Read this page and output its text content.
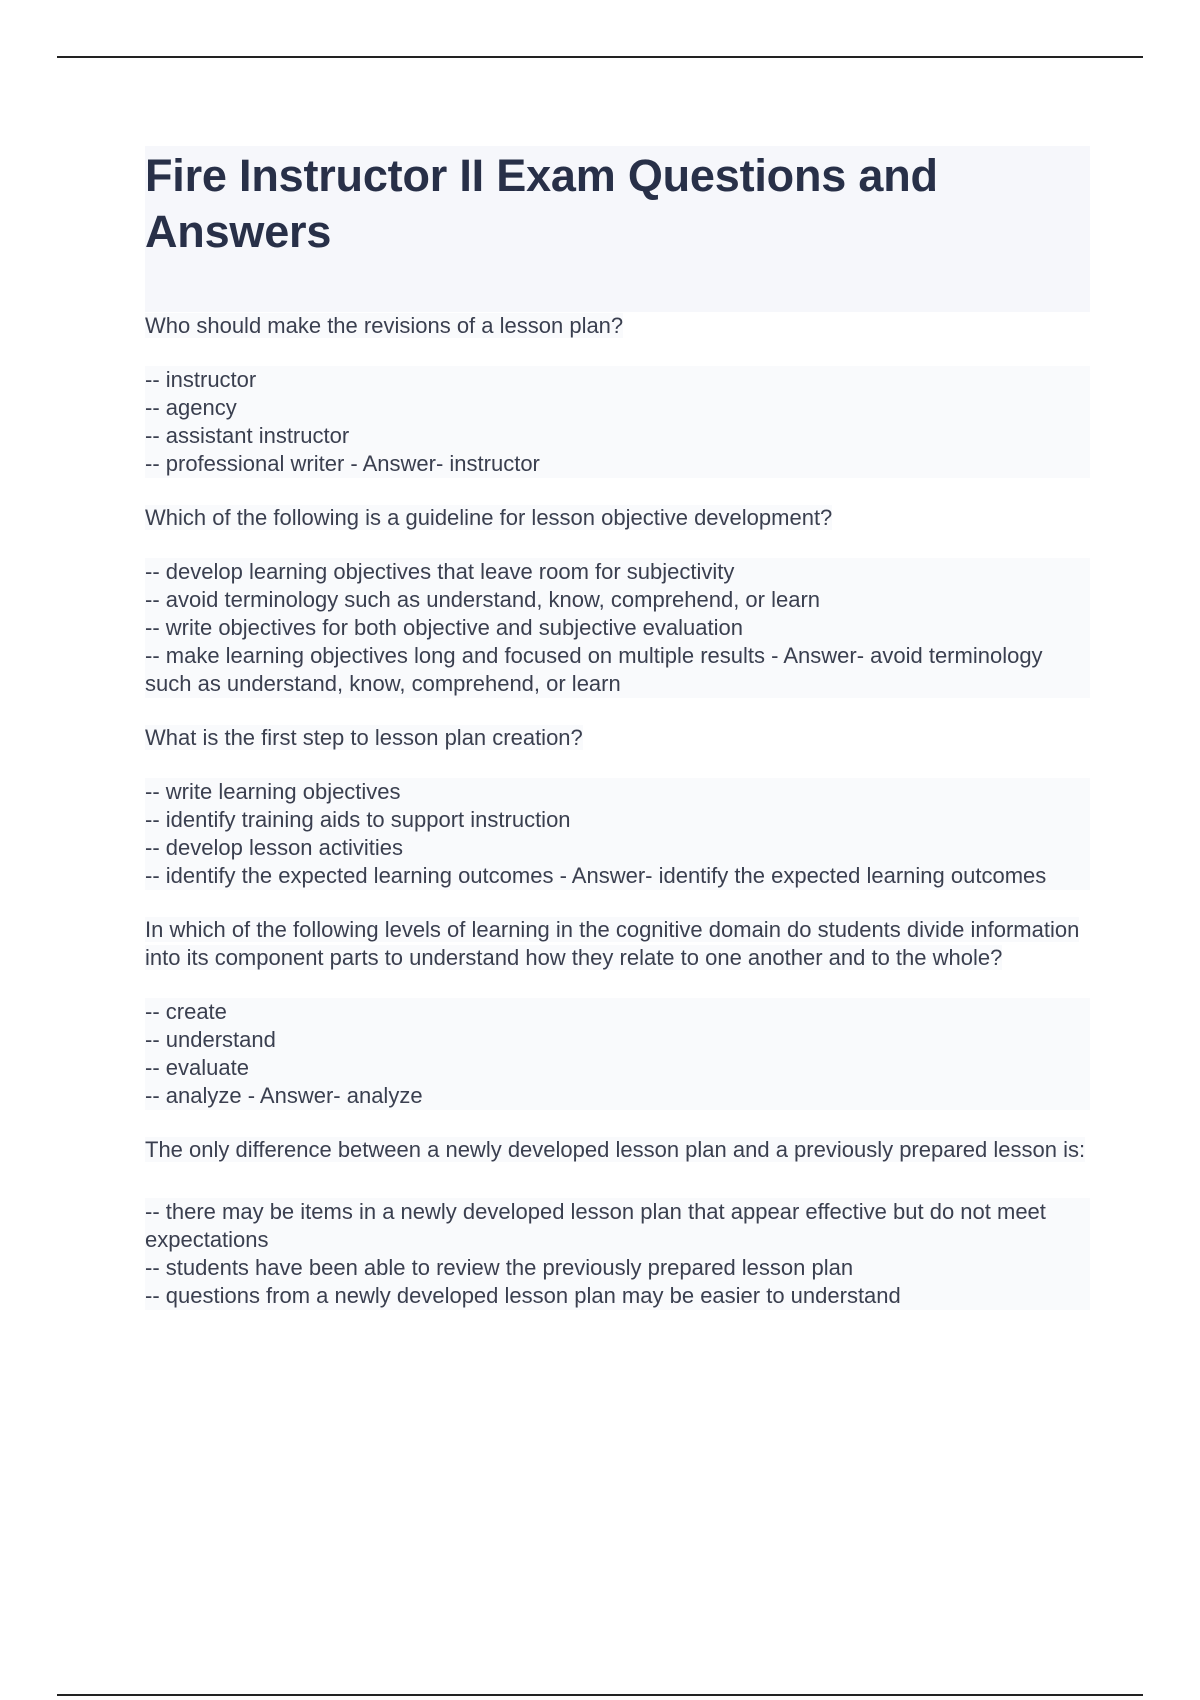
Fire Instructor II Exam Questions and Answers

Who should make the revisions of a lesson plan?

-- instructor
-- agency
-- assistant instructor
-- professional writer - Answer- instructor

Which of the following is a guideline for lesson objective development?

-- develop learning objectives that leave room for subjectivity
-- avoid terminology such as understand, know, comprehend, or learn
-- write objectives for both objective and subjective evaluation
-- make learning objectives long and focused on multiple results - Answer- avoid terminology such as understand, know, comprehend, or learn

What is the first step to lesson plan creation?

-- write learning objectives
-- identify training aids to support instruction
-- develop lesson activities
-- identify the expected learning outcomes - Answer- identify the expected learning outcomes

In which of the following levels of learning in the cognitive domain do students divide information into its component parts to understand how they relate to one another and to the whole?

-- create
-- understand
-- evaluate
-- analyze - Answer- analyze

The only difference between a newly developed lesson plan and a previously prepared lesson is:

-- there may be items in a newly developed lesson plan that appear effective but do not meet expectations
-- students have been able to review the previously prepared lesson plan
-- questions from a newly developed lesson plan may be easier to understand
